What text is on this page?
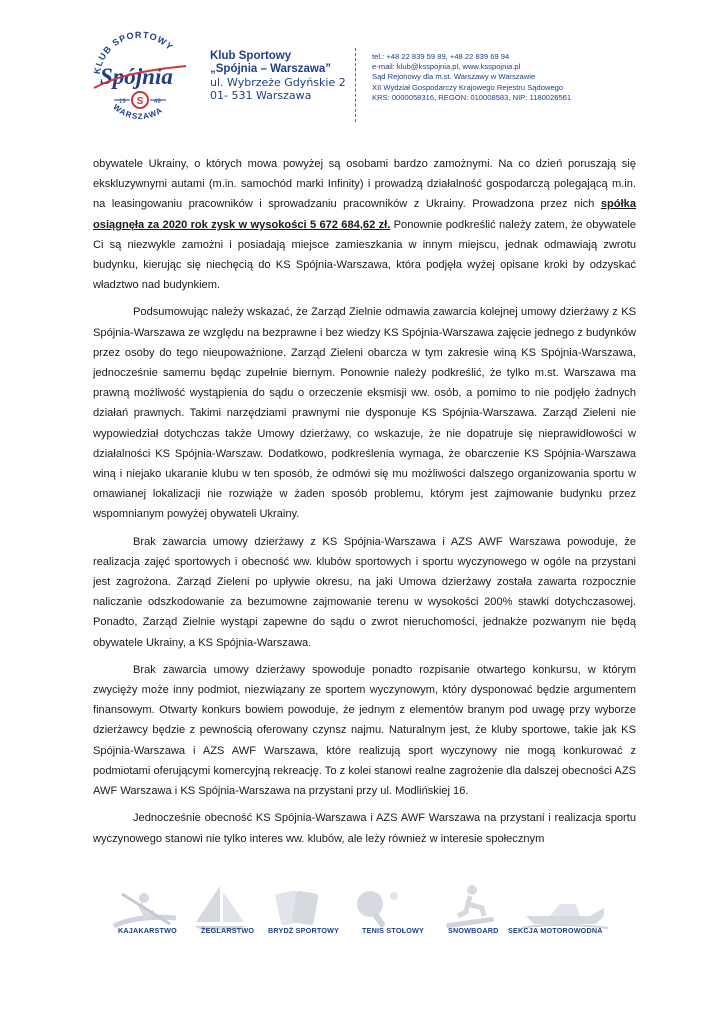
KLUB SPORTOWY
Spójnia
S
19	49
WARSZAWA
Klub Sportowy
„Spójnia – Warszawa”
ul. Wybrzeże Gdyńskie 2
01- 531 Warszawa
tel.: +48 22 839 59 89, +48 22 839 69 94
e-mail: klub@ksspojnia.pl, www.ksspojnia.pl
Sąd Rejonowy dla m.st. Warszawy w Warszawie
XII Wydział Gospodarczy Krajowego Rejestru Sądowego
KRS: 0000058316, REGON: 010008583, NIP: 1180026561

obywatele Ukrainy, o których mowa powyżej są osobami bardzo zamożnymi. Na co dzień poruszają się ekskluzywnymi autami (m.in. samochód marki Infinity) i prowadzą działalność gospodarczą polegającą m.in. na leasingowaniu pracowników i sprowadzaniu pracowników z Ukrainy. Prowadzona przez nich spółka osiągnęła za 2020 rok zysk w wysokości 5 672 684,62 zł. Ponownie podkreślić należy zatem, że obywatele Ci są niezwykle zamożni i posiadają miejsce zamieszkania w innym miejscu, jednak odmawiają zwrotu budynku, kierując się niechęcią do KS Spójnia-Warszawa, która podjęła wyżej opisane kroki by odzyskać władztwo nad budynkiem.

Podsumowując należy wskazać, że Zarząd Zielnie odmawia zawarcia kolejnej umowy dzierżawy z KS Spójnia-Warszawa ze względu na bezprawne i bez wiedzy KS Spójnia-Warszawa zajęcie jednego z budynków przez osoby do tego nieupoważnione. Zarząd Zieleni obarcza w tym zakresie winą KS Spójnia-Warszawa, jednocześnie samemu będąc zupełnie biernym. Ponownie należy podkreślić, że tylko m.st. Warszawa ma prawną możliwość wystąpienia do sądu o orzeczenie eksmisji ww. osób, a pomimo to nie podjęło żadnych działań prawnych. Takimi narzędziami prawnymi nie dysponuje KS Spójnia-Warszawa. Zarząd Zieleni nie wypowiedział dotychczas także Umowy dzierżawy, co wskazuje, że nie dopatruje się nieprawidłowości w działalności KS Spójnia-Warszaw. Dodatkowo, podkreślenia wymaga, że obarczenie KS Spójnia-Warszawa winą i niejako ukaranie klubu w ten sposób, że odmówi się mu możliwości dalszego organizowania sportu w omawianej lokalizacji nie rozwiąże w żaden sposób problemu, którym jest zajmowanie budynku przez wspomnianym powyżej obywateli Ukrainy.

Brak zawarcia umowy dzierżawy z KS Spójnia-Warszawa i AZS AWF Warszawa powoduje, że realizacja zajęć sportowych i obecność ww. klubów sportowych i sportu wyczynowego w ogóle na przystani jest zagrożona. Zarząd Zieleni po upływie okresu, na jaki Umowa dzierżawy została zawarta rozpocznie naliczanie odszkodowanie za bezumowne zajmowanie terenu w wysokości 200% stawki dotychczasowej. Ponadto, Zarząd Zielnie wystąpi zapewne do sądu o zwrot nieruchomości, jednakże pozwanym nie będą obywatele Ukrainy, a KS Spójnia-Warszawa.

Brak zawarcia umowy dzierżawy spowoduje ponadto rozpisanie otwartego konkursu, w którym zwycięży może inny podmiot, niezwiązany ze sportem wyczynowym, który dysponować będzie argumentem finansowym. Otwarty konkurs bowiem powoduje, że jednym z elementów branym pod uwagę przy wyborze dzierżawcy będzie z pewnością oferowany czynsz najmu. Naturalnym jest, że kluby sportowe, takie jak KS Spójnia-Warszawa i AZS AWF Warszawa, które realizują sport wyczynowy nie mogą konkurować z podmiotami oferującymi komercyjną rekreację. To z kolei stanowi realne zagrożenie dla dalszej obecności AZS AWF Warszawa i KS Spójnia-Warszawa na przystani przy ul. Modlińskiej 16.

Jednocześnie obecność KS Spójnia-Warszawa i AZS AWF Warszawa na przystani i realizacja sportu wyczynowego stanowi nie tylko interes ww. klubów, ale leży również w interesie społecznym

KAJAKARSTWO	ŻEGLARSTWO BRYDŻ SPORTOWY	TENIS STOŁOWY	SNOWBOARD SEKCJA MOTOROWODNA
